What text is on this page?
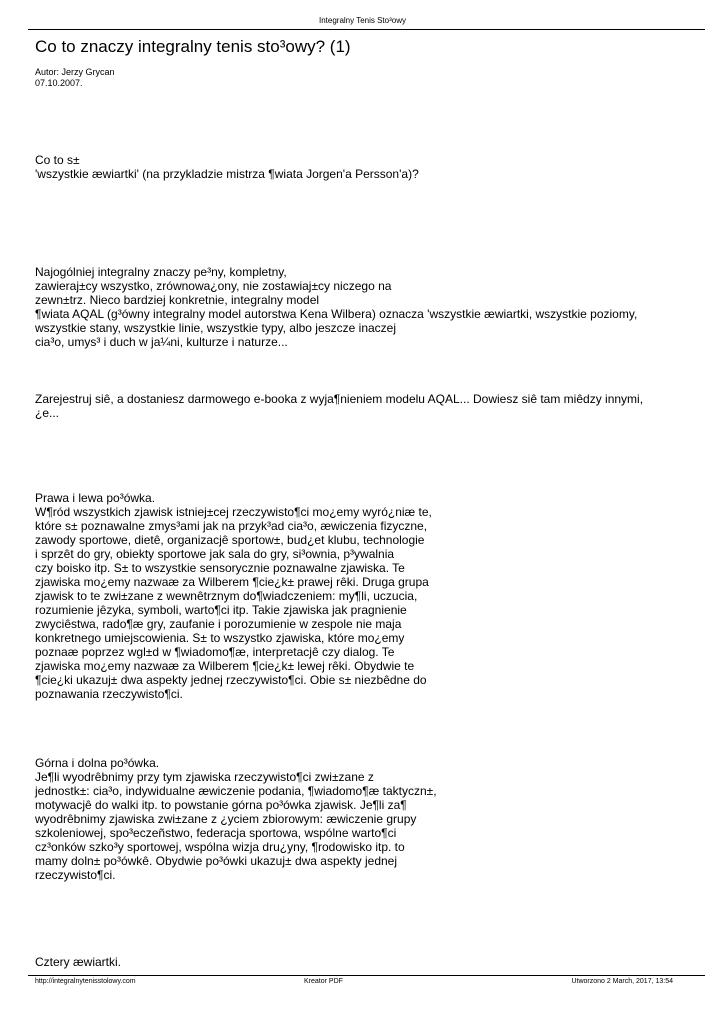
Integralny Tenis Sto³owy
Co to znaczy integralny tenis sto³owy? (1)
Autor: Jerzy Grycan
07.10.2007.

Co to s±
'wszystkie æwiartki' (na przykladzie mistrza ¶wiata Jorgen'a Persson'a)?

Najogólniej integralny znaczy pe³ny, kompletny,
zawieraj±cy wszystko, zrównowa¿ony, nie zostawiaj±cy niczego na
zewn±trz. Nieco bardziej konkretnie, integralny model
¶wiata AQAL (g³ówny integralny model autorstwa Kena Wilbera) oznacza 'wszystkie æwiartki, wszystkie poziomy,
wszystkie stany, wszystkie linie, wszystkie typy, albo jeszcze inaczej
cia³o, umys³ i duch w ja¼ni, kulturze i naturze...

Zarejestruj siê, a dostaniesz darmowego e-booka z wyja¶nieniem modelu AQAL... Dowiesz siê tam miêdzy innymi,
¿e...

Prawa i lewa po³ówka.
W¶ród wszystkich zjawisk istniej±cej rzeczywisto¶ci mo¿emy wyró¿niæ te,
które s± poznawalne zmys³ami jak na przyk³ad cia³o, æwiczenia fizyczne,
zawody sportowe, dietê, organizacjê sportow±, bud¿et klubu, technologie
i sprzêt do gry, obiekty sportowe jak sala do gry, si³ownia, p³ywalnia
czy boisko itp. S± to wszystkie sensorycznie poznawalne zjawiska. Te
zjawiska mo¿emy nazwaæ za Wilberem ¶cie¿k± prawej rêki. Druga grupa
zjawisk to te zwi±zane z wewnêtrznym do¶wiadczeniem: my¶li, uczucia,
rozumienie jêzyka, symboli, warto¶ci itp. Takie zjawiska jak pragnienie
zwyciêstwa, rado¶æ gry, zaufanie i porozumienie w zespole nie maja
konkretnego umiejscowienia. S± to wszystko zjawiska, które mo¿emy
poznaæ poprzez wgl±d w ¶wiadomo¶æ, interpretacjê czy dialog. Te
zjawiska mo¿emy nazwaæ za Wilberem ¶cie¿k± lewej rêki. Obydwie te
¶cie¿ki ukazuj± dwa aspekty jednej rzeczywisto¶ci. Obie s± niezbêdne do
poznawania rzeczywisto¶ci.

Górna i dolna po³ówka.
Je¶li wyodrêbnimy przy tym zjawiska rzeczywisto¶ci zwi±zane z
jednostk±: cia³o, indywidualne æwiczenie podania, ¶wiadomo¶æ taktyczn±,
motywacjê do walki itp. to powstanie górna po³ówka zjawisk. Je¶li za¶
wyodrêbnimy zjawiska zwi±zane z ¿yciem zbiorowym: æwiczenie grupy
szkoleniowej, spo³eczeñstwo, federacja sportowa, wspólne warto¶ci
cz³onków szko³y sportowej, wspólna wizja dru¿yny, ¶rodowisko itp. to
mamy doln± po³ówkê. Obydwie po³ówki ukazuj± dwa aspekty jednej
rzeczywisto¶ci.

Cztery æwiartki.

http://integralnytenisstolowy.com	Kreator PDF	Utworzono 2 March, 2017, 13:54
